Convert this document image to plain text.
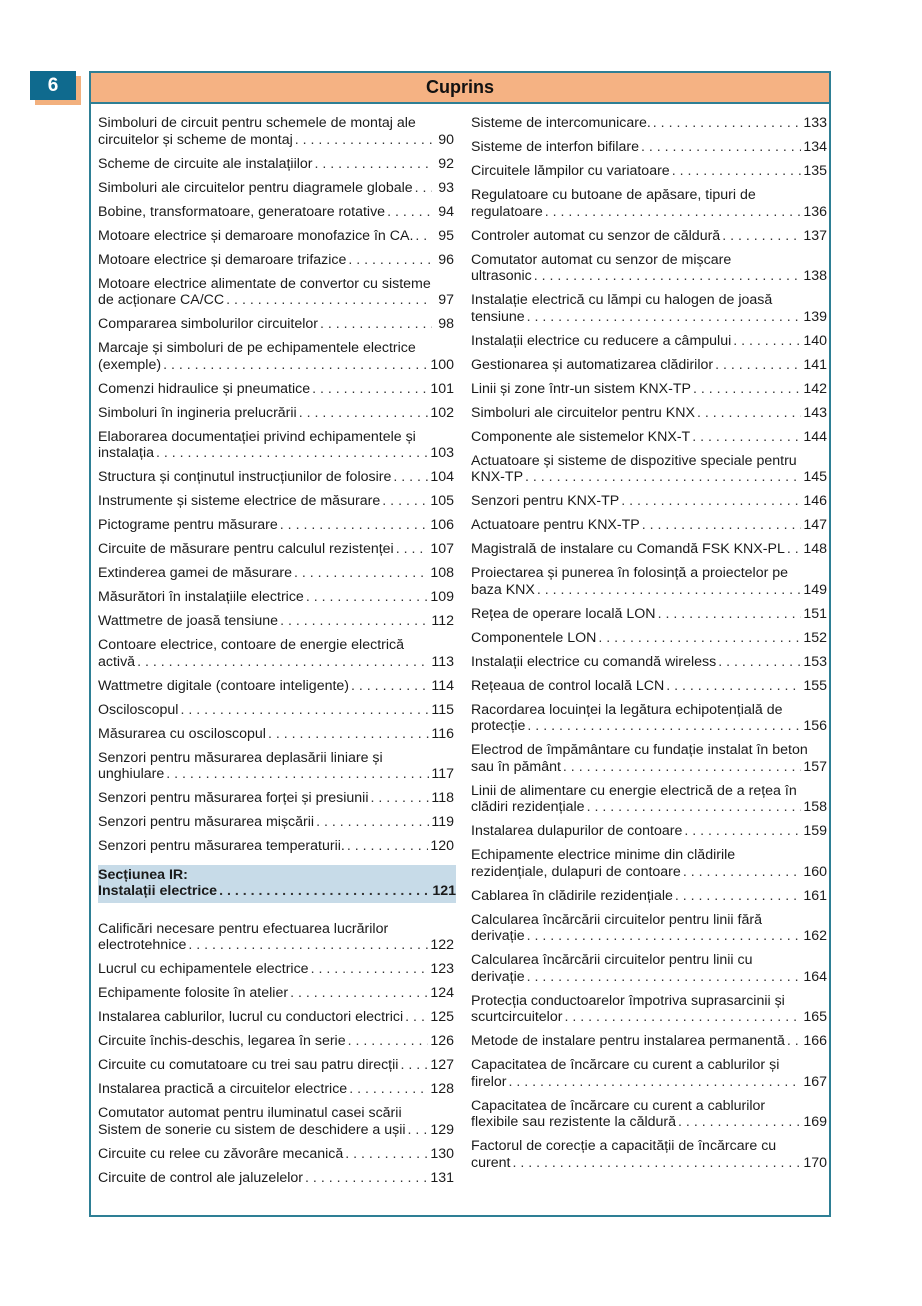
6	Cuprins
Simboluri de circuit pentru schemele de montaj ale
circuitelor și scheme de montaj . . .	90
Scheme de circuite ale instalațiilor . . .	92
Simboluri ale circuitelor pentru diagramele globale . . . 93
Bobine, transformatoare, generatoare rotative . . .	94
Motoare electrice și demaroare monofazice în CA. . . . 95
Motoare electrice și demaroare trifazice . . .	96
Motoare electrice alimentate de convertor cu sisteme
de acționare CA/CC . . .	97
Compararea simbolurilor circuitelor . . .	98
Marcaje și simboluri de pe echipamentele electrice
(exemple) . . .	100
Comenzi hidraulice și pneumatice . . .	101
Simboluri în ingineria prelucrării . . .	102
Elaborarea documentației privind echipamentele și
instalația . . .	103
Structura și conținutul instrucțiunilor de folosire . . .	104
Instrumente și sisteme electrice de măsurare . . .	105
Pictograme pentru măsurare . . .	106
Circuite de măsurare pentru calculul rezistenței . . .	107
Extinderea gamei de măsurare . . .	108
Măsurători în instalațiile electrice . . .	109
Wattmetre de joasă tensiune . . .	112
Contoare electrice, contoare de energie electrică
activă . . .	113
Wattmetre digitale (contoare inteligente) . . .	114
Osciloscopul . . .	115
Măsurarea cu osciloscopul . . .	116
Senzori pentru măsurarea deplasării liniare și
unghiulare . . .	117
Senzori pentru măsurarea forței și presiunii . . .	118
Senzori pentru măsurarea mișcării . . .	119
Senzori pentru măsurarea temperaturii. . . .	120
Secțiunea IR:
Instalații electrice . . .	121
Calificări necesare pentru efectuarea lucrărilor
electrotehnice . . .	122
Lucrul cu echipamentele electrice . . .	123
Echipamente folosite în atelier . . .	124
Instalarea cablurilor, lucrul cu conductori electrici . . . 125
Circuite închis-deschis, legarea în serie . . .	126
Circuite cu comutatoare cu trei sau patru direcții . . . 127
Instalarea practică a circuitelor electrice . . .	128
Comutator automat pentru iluminatul casei scării
Sistem de sonerie cu sistem de deschidere a ușii . . . 129
Circuite cu relee cu zăvorâre mecanică . . .	130
Circuite de control ale jaluzelelor . . .	131
Sisteme de intercomunicare. . . .	133
Sisteme de interfon bifilare . . .	134
Circuitele lămpilor cu variatoare . . .	135
Regulatoare cu butoane de apăsare, tipuri de
regulatoare . . .	136
Controler automat cu senzor de căldură . . .	137
Comutator automat cu senzor de mișcare
ultrasonic . . .	138
Instalație electrică cu lămpi cu halogen de joasă
tensiune . . .	139
Instalații electrice cu reducere a câmpului . . .	140
Gestionarea și automatizarea clădirilor . . .	141
Linii și zone într-un sistem KNX-TP . . .	142
Simboluri ale circuitelor pentru KNX . . .	143
Componente ale sistemelor KNX-T . . .	144
Actuatoare și sisteme de dispozitive speciale pentru
KNX-TP . . .	145
Senzori pentru KNX-TP . . .	146
Actuatoare pentru KNX-TP . . .	147
Magistrală de instalare cu Comandă FSK KNX-PL . . . 148
Proiectarea și punerea în folosință a proiectelor pe
baza KNX . . .	149
Rețea de operare locală LON . . .	151
Componentele LON . . .	152
Instalații electrice cu comandă wireless . . .	153
Rețeaua de control locală LCN . . .	155
Racordarea locuinței la legătura echipotențială de
protecție . . .	156
Electrod de împământare cu fundație instalat în beton
sau în pământ . . .	157
Linii de alimentare cu energie electrică de a rețea în
clădiri rezidențiale . . .	158
Instalarea dulapurilor de contoare . . .	159
Echipamente electrice minime din clădirile
rezidențiale, dulapuri de contoare . . .	160
Cablarea în clădirile rezidențiale . . .	161
Calcularea încărcării circuitelor pentru linii fără
derivație . . .	162
Calcularea încărcării circuitelor pentru linii cu
derivație . . .	164
Protecția conductoarelor împotriva suprasarcinii și
scurtcircuitelor . . .	165
Metode de instalare pentru instalarea permanentă . . . 166
Capacitatea de încărcare cu curent a cablurilor și
firelor . . .	167
Capacitatea de încărcare cu curent a cablurilor
flexibile sau rezistente la căldură . . .	169
Factorul de corecție a capacității de încărcare cu
curent . . .	170
